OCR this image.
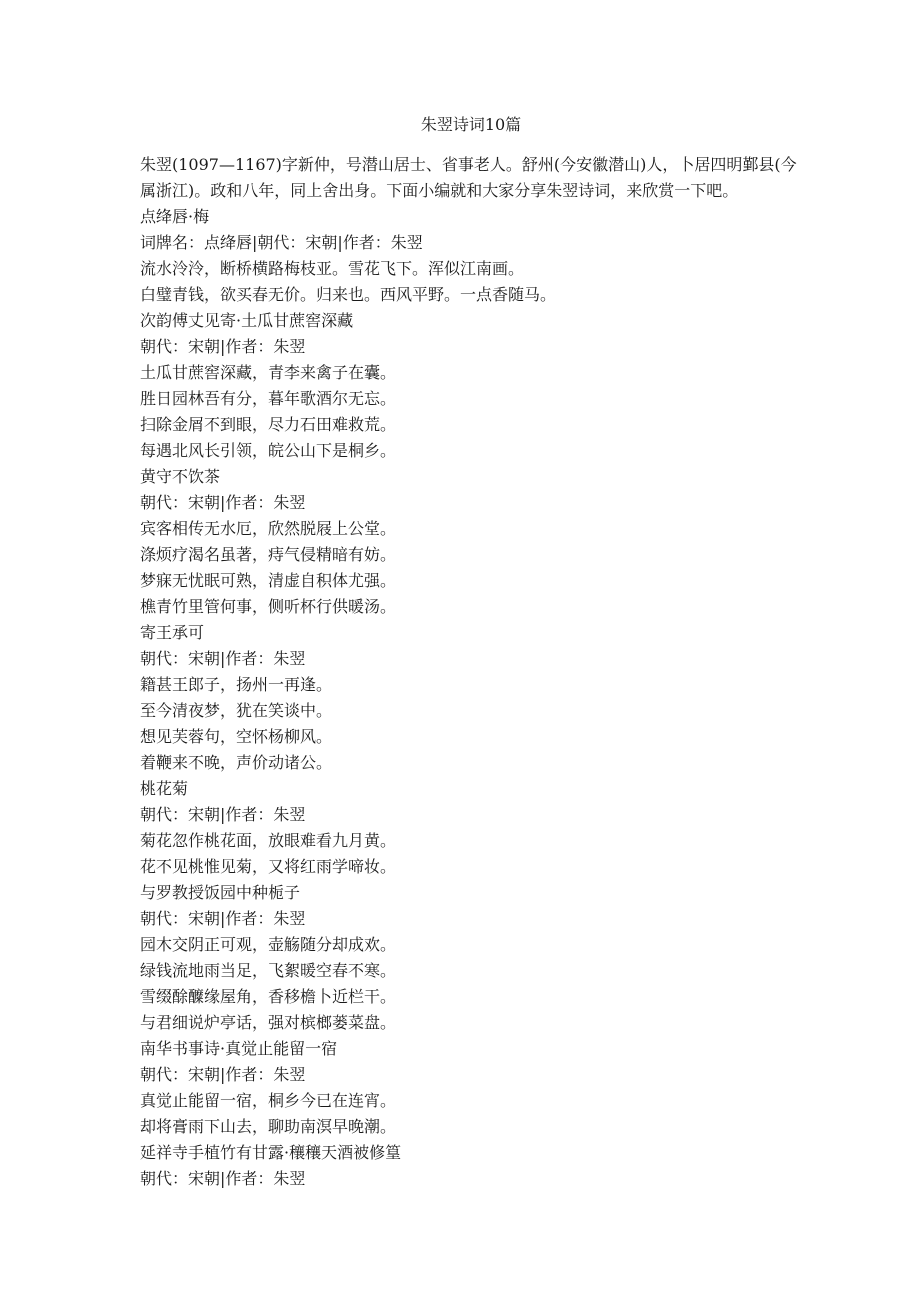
朱翌诗词10篇
朱翌(1097—1167)字新仲，号潜山居士、省事老人。舒州(今安徽潜山)人，卜居四明鄞县(今属浙江)。政和八年，同上舍出身。下面小编就和大家分享朱翌诗词，来欣赏一下吧。
点绛唇·梅
词牌名：点绛唇|朝代：宋朝|作者：朱翌
流水泠泠，断桥横路梅枝亚。雪花飞下。浑似江南画。
白璧青钱，欲买春无价。归来也。西风平野。一点香随马。
次韵傅丈见寄·土瓜甘蔗窖深藏
朝代：宋朝|作者：朱翌
土瓜甘蔗窖深藏，青李来禽子在囊。
胜日园林吾有分，暮年歌酒尔无忘。
扫除金屑不到眼，尽力石田难救荒。
每遇北风长引领，皖公山下是桐乡。
黄守不饮茶
朝代：宋朝|作者：朱翌
宾客相传无水厄，欣然脱屐上公堂。
涤烦疗渴名虽著，痔气侵精暗有妨。
梦寐无忧眠可熟，清虚自积体尤强。
樵青竹里管何事，侧听杯行供暖汤。
寄王承可
朝代：宋朝|作者：朱翌
籍甚王郎子，扬州一再逢。
至今清夜梦，犹在笑谈中。
想见芙蓉句，空怀杨柳风。
着鞭来不晚，声价动诸公。
桃花菊
朝代：宋朝|作者：朱翌
菊花忽作桃花面，放眼难看九月黄。
花不见桃惟见菊，又将红雨学啼妆。
与罗教授饭园中种栀子
朝代：宋朝|作者：朱翌
园木交阴正可观，壶觞随分却成欢。
绿钱流地雨当足，飞絮暖空春不寒。
雪缀酴醾缘屋角，香移檐卜近栏干。
与君细说炉亭话，强对槟榔蒌菜盘。
南华书事诗·真觉止能留一宿
朝代：宋朝|作者：朱翌
真觉止能留一宿，桐乡今已在连宵。
却将膏雨下山去，聊助南溟早晚潮。
延祥寺手植竹有甘露·穰穰天酒被修篁
朝代：宋朝|作者：朱翌
